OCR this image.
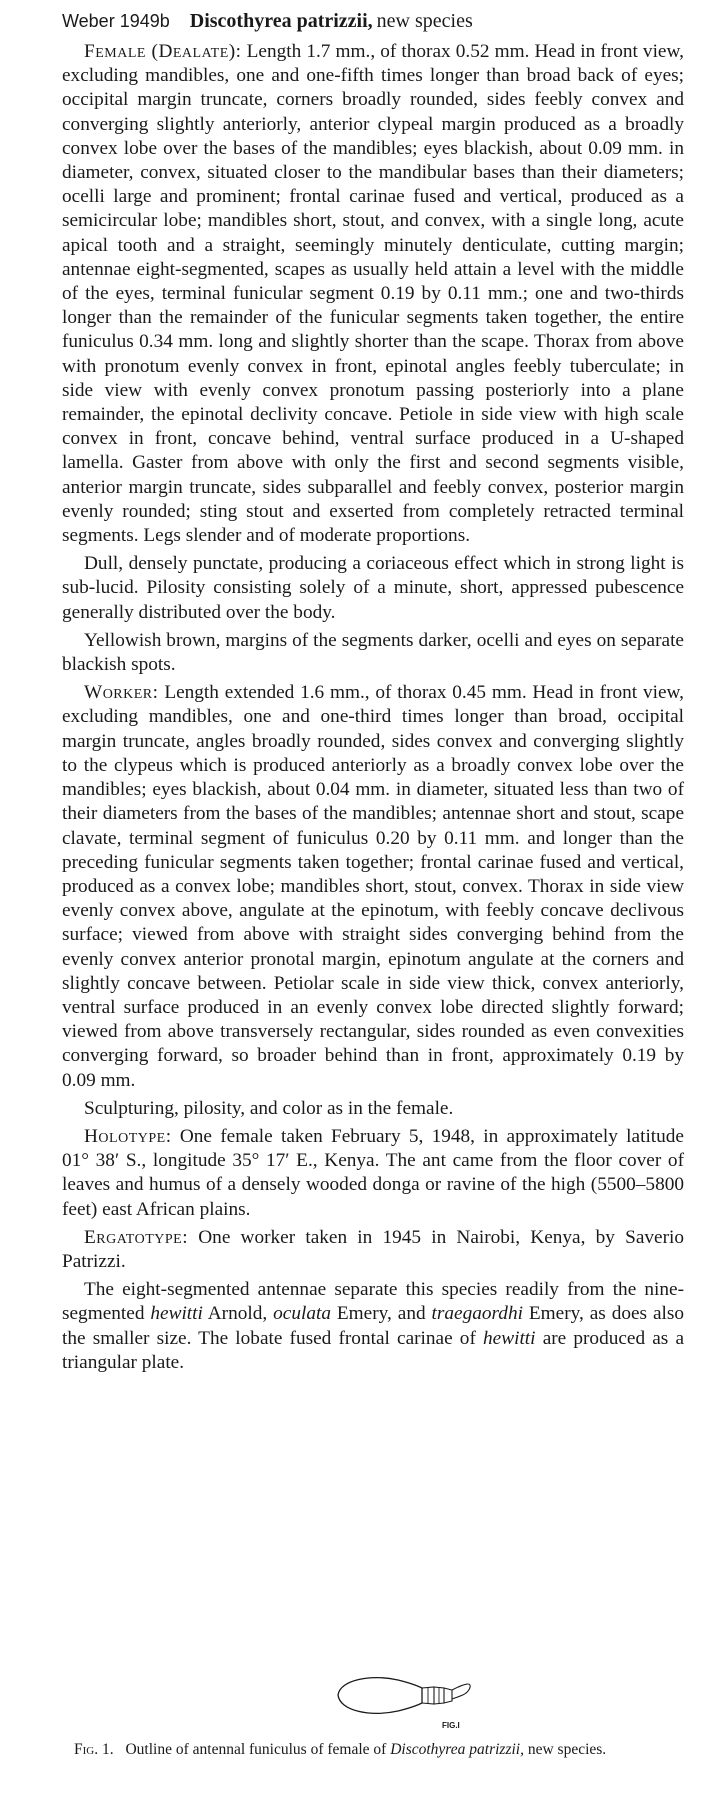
Weber 1949b Discothyrea patrizzii, new species

Female (Dealate): Length 1.7 mm., of thorax 0.52 mm. Head in front view, excluding mandibles, one and one-fifth times longer than broad back of eyes; occipital margin truncate, corners broadly rounded, sides feebly convex and converging slightly anteriorly, anterior clypeal margin produced as a broadly convex lobe over the bases of the mandibles; eyes blackish, about 0.09 mm. in diameter, convex, situated closer to the mandibular bases than their diameters; ocelli large and prominent; frontal carinae fused and vertical, produced as a semicircular lobe; mandibles short, stout, and convex, with a single long, acute apical tooth and a straight, seemingly minutely denticulate, cutting margin; antennae eight-segmented, scapes as usually held attain a level with the middle of the eyes, terminal funicular segment 0.19 by 0.11 mm.; one and two-thirds longer than the remainder of the funicular segments taken together, the entire funiculus 0.34 mm. long and slightly shorter than the scape. Thorax from above with pronotum evenly convex in front, epinotal angles feebly tuberculate; in side view with evenly convex pronotum passing posteriorly into a plane remainder, the epinotal declivity concave. Petiole in side view with high scale convex in front, concave behind, ventral surface produced in a U-shaped lamella. Gaster from above with only the first and second segments visible, anterior margin truncate, sides subparallel and feebly convex, posterior margin evenly rounded; sting stout and exserted from completely retracted terminal segments. Legs slender and of moderate proportions.

Dull, densely punctate, producing a coriaceous effect which in strong light is sub-lucid. Pilosity consisting solely of a minute, short, appressed pubescence generally distributed over the body.

Yellowish brown, margins of the segments darker, ocelli and eyes on separate blackish spots.

Worker: Length extended 1.6 mm., of thorax 0.45 mm. Head in front view, excluding mandibles, one and one-third times longer than broad, occipital margin truncate, angles broadly rounded, sides convex and converging slightly to the clypeus which is produced anteriorly as a broadly convex lobe over the mandibles; eyes blackish, about 0.04 mm. in diameter, situated less than two of their diameters from the bases of the mandibles; antennae short and stout, scape clavate, terminal segment of funiculus 0.20 by 0.11 mm. and longer than the preceding funicular segments taken together; frontal carinae fused and vertical, produced as a convex lobe; mandibles short, stout, convex. Thorax in side view evenly convex above, angulate at the epinotum, with feebly concave declivous surface; viewed from above with straight sides converging behind from the evenly convex anterior pronotal margin, epinotum angulate at the corners and slightly concave between. Petiolar scale in side view thick, convex anteriorly, ventral surface produced in an evenly convex lobe directed slightly forward; viewed from above transversely rectangular, sides rounded as even convexities converging forward, so broader behind than in front, approximately 0.19 by 0.09 mm.

Sculpturing, pilosity, and color as in the female.

Holotype: One female taken February 5, 1948, in approximately latitude 01° 38′ S., longitude 35° 17′ E., Kenya. The ant came from the floor cover of leaves and humus of a densely wooded donga or ravine of the high (5500–5800 feet) east African plains.

Ergatotype: One worker taken in 1945 in Nairobi, Kenya, by Saverio Patrizzi.

The eight-segmented antennae separate this species readily from the nine-segmented hewitti Arnold, oculata Emery, and traegaordhi Emery, as does also the smaller size. The lobate fused frontal carinae of hewitti are produced as a triangular plate.

FIG.I
Fig. 1. Outline of antennal funiculus of female of Discothyrea patrizzii, new species.
